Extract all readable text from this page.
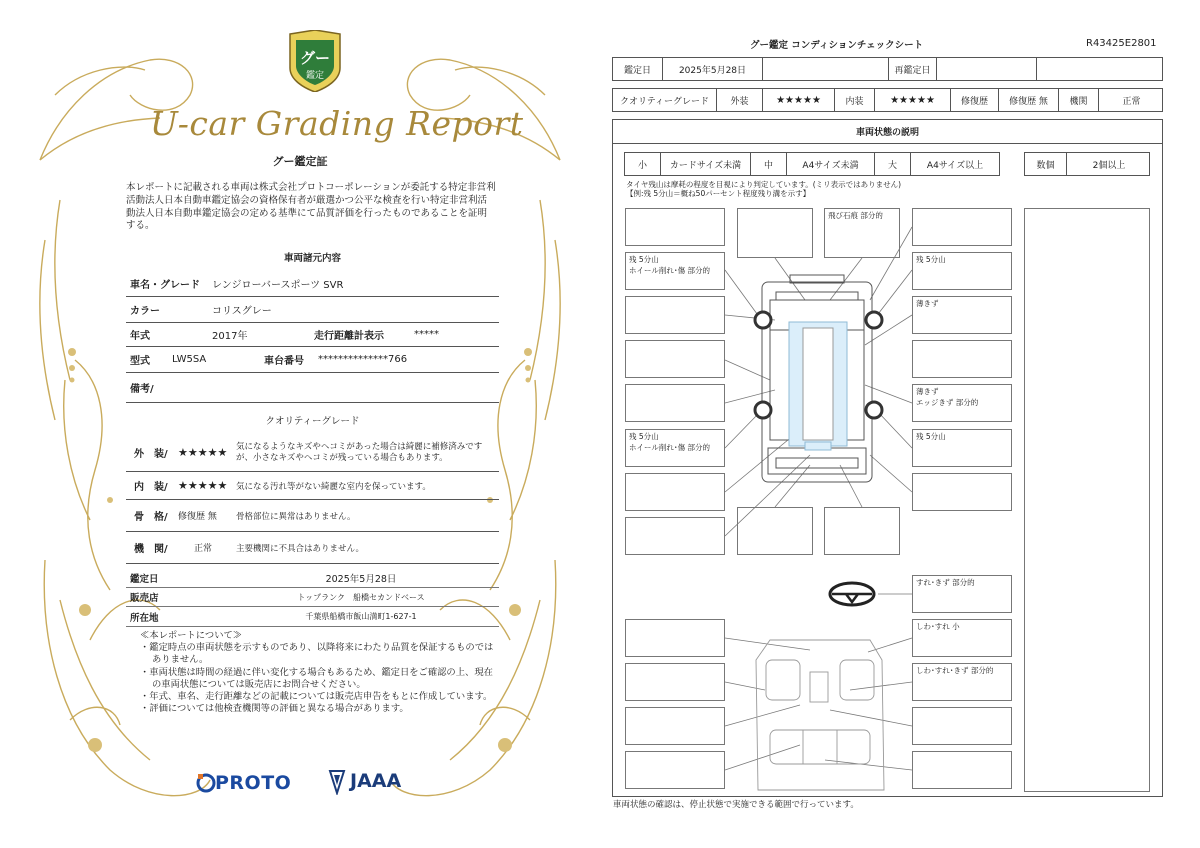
グー
鑑定
U-car Grading Report
グー鑑定証
本レポートに記載される車両は株式会社プロトコーポレーションが委託する特定非営利活動法人日本自動車鑑定協会の資格保有者が厳選かつ公平な検査を行い特定非営利活動法人日本自動車鑑定協会の定める基準にて品質評価を行ったものであることを証明する。
車両諸元内容
車名・グレード	レンジローバースポーツ SVR
カラー	コリスグレー
年式	2017年	走行距離計表示	*****
型式	LW5SA	車台番号	**************766
備考/
クオリティーグレード
外　装/ ★★★★★	気になるようなキズやヘコミがあった場合は綺麗に補修済みですが、小さなキズやヘコミが残っている場合もあります。
内　装/ ★★★★★	気になる汚れ等がない綺麗な室内を保っています。
骨　格/	修復歴 無	骨格部位に異常はありません。
機　関/	正常	主要機関に不具合はありません。
鑑定日	2025年5月28日
販売店	トップランク　船橋セカンドベース
所在地	千葉県船橋市飯山満町1-627-1
≪本レポートについて≫
・鑑定時点の車両状態を示すものであり、以降将来にわたり品質を保証するものではありません。
・車両状態は時間の経過に伴い変化する場合もあるため、鑑定日をご確認の上、現在の車両状態については販売店にお問合せください。
・年式、車名、走行距離などの記載については販売店申告をもとに作成しています。
・評価については他検査機関等の評価と異なる場合があります。
PROTO	JAAA
グー鑑定 コンディションチェックシート	R43425E2801
鑑定日	2025年5月28日	再鑑定日
クオリティーグレード	外装	★★★★★	内装	★★★★★	修復歴	修復歴 無	機関	正常
車両状態の説明
小	カードサイズ未満	中	A4サイズ未満	大	A4サイズ以上	数個	2個以上
タイヤ残山は摩耗の程度を目視により判定しています。(ミリ表示ではありません)
【例:残 5分山＝概ね50パーセント程度残り溝を示す】
残 5分山
ホイール削れ･傷 部分的
残 5分山
ホイール削れ･傷 部分的
飛び石痕 部分的
残 5分山
薄きず
薄きず
エッジきず 部分的
残 5分山
すれ･きず 部分的
しわ･すれ 小
しわ･すれ･きず 部分的
車両状態の確認は、停止状態で実施できる範囲で行っています。
